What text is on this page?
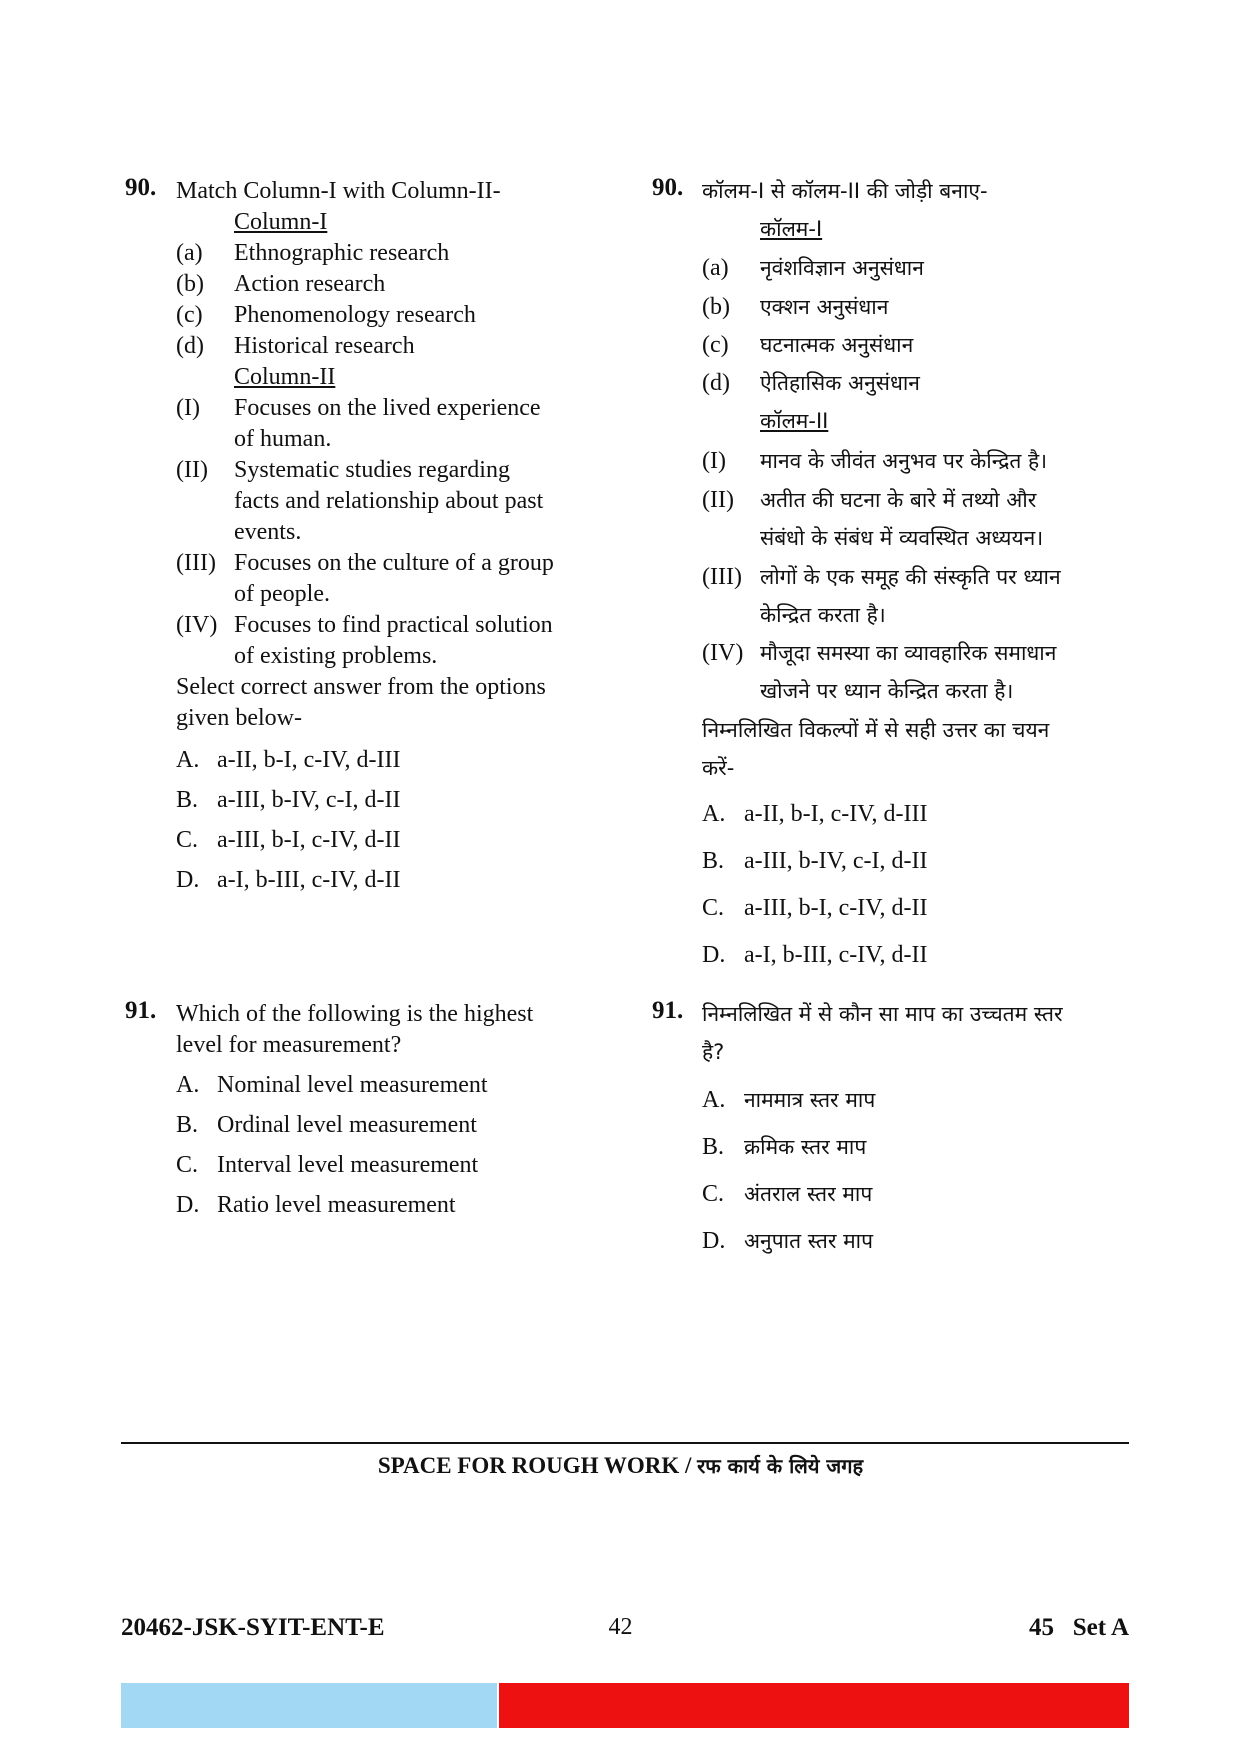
90. Match Column-I with Column-II-
Column-I
(a) Ethnographic research
(b) Action research
(c) Phenomenology research
(d) Historical research
Column-II
(I) Focuses on the lived experience
of human.
(II) Systematic studies regarding
facts and relationship about past
events.
(III) Focuses on the culture of a group
of people.
(IV) Focuses to find practical solution
of existing problems.
Select correct answer from the options
given below-
A. a-II, b-I, c-IV, d-III
B. a-III, b-IV, c-I, d-II
C. a-III, b-I, c-IV, d-II
D. a-I, b-III, c-IV, d-II
90. कॉलम-I से कॉलम-II की जोड़ी बनाए-
कॉलम-I
(a) नृवंशविज्ञान अनुसंधान
(b) एक्शन अनुसंधान
(c) घटनात्मक अनुसंधान
(d) ऐतिहासिक अनुसंधान
कॉलम-II
(I) मानव के जीवंत अनुभव पर केन्द्रित है।
(II) अतीत की घटना के बारे में तथ्यो और
संबंधो के संबंध में व्यवस्थित अध्ययन।
(III) लोगों के एक समूह की संस्कृति पर ध्यान
केन्द्रित करता है।
(IV) मौजूदा समस्या का व्यावहारिक समाधान
खोजने पर ध्यान केन्द्रित करता है।
निम्नलिखित विकल्पों में से सही उत्तर का चयन
करें-
A. a-II, b-I, c-IV, d-III
B. a-III, b-IV, c-I, d-II
C. a-III, b-I, c-IV, d-II
D. a-I, b-III, c-IV, d-II
91. Which of the following is the highest
level for measurement?
A. Nominal level measurement
B. Ordinal level measurement
C. Interval level measurement
D. Ratio level measurement
91. निम्नलिखित में से कौन सा माप का उच्चतम स्तर
है?
A. नाममात्र स्तर माप
B. क्रमिक स्तर माप
C. अंतराल स्तर माप
D. अनुपात स्तर माप
SPACE FOR ROUGH WORK / रफ कार्य के लिये जगह
20462-JSK-SYIT-ENT-E	42	45   Set A
